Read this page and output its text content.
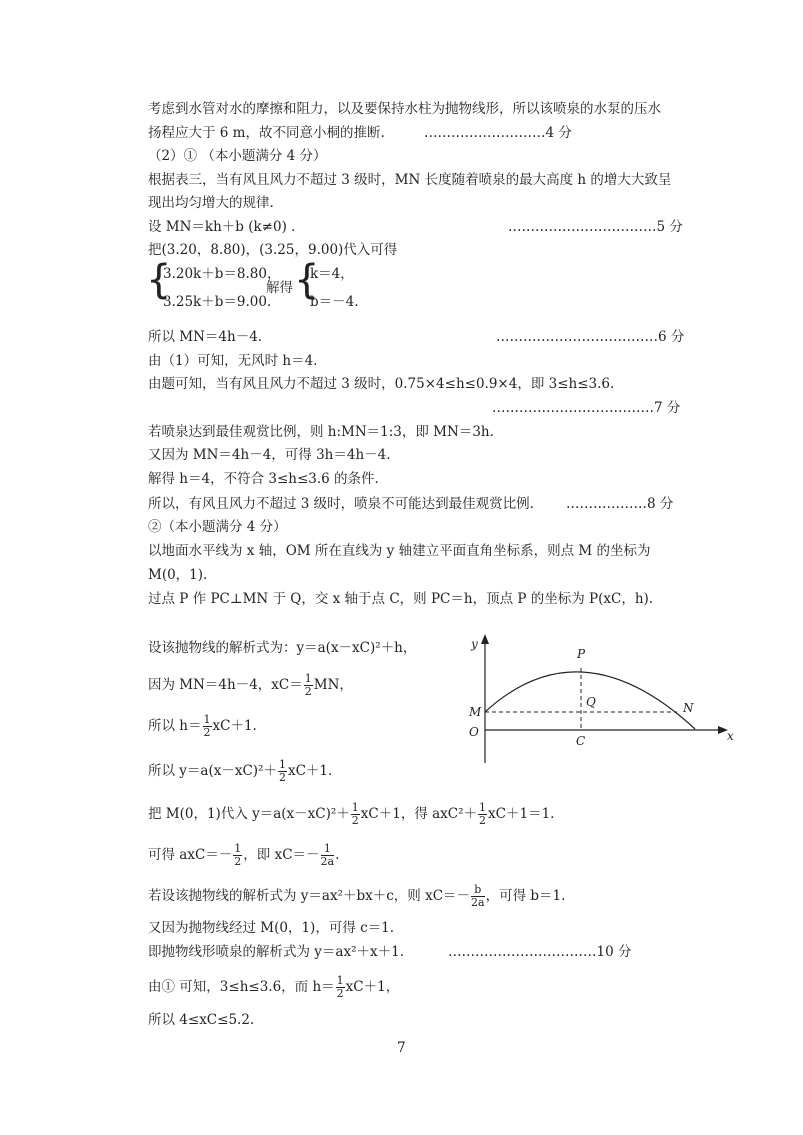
考虑到水管对水的摩擦和阻力，以及要保持水柱为抛物线形，所以该喷泉的水泵的压水
扬程应大于 6 m，故不同意小桐的推断.	………………………4 分
（2）① （本小题满分 4 分）
根据表三，当有风且风力不超过 3 级时，MN 长度随着喷泉的最大高度 h 的增大大致呈
现出均匀增大的规律.
设 MN＝kh＋b (k≠0) .	……………………………5 分
把(3.20，8.80)，(3.25，9.00)代入可得
{
3.20k＋b＝8.80，
3.25k＋b＝9.00.
解得 {
k＝4，
b＝－4.
所以 MN＝4h－4.	………………………………6 分
由（1）可知，无风时 h＝4.
由题可知，当有风且风力不超过 3 级时，0.75×4≤h≤0.9×4，即 3≤h≤3.6.
………………………………7 分
若喷泉达到最佳观赏比例，则 h:MN＝1:3，即 MN＝3h.
又因为 MN＝4h－4，可得 3h＝4h－4.
解得 h＝4，不符合 3≤h≤3.6 的条件.
所以，有风且风力不超过 3 级时，喷泉不可能达到最佳观赏比例. ………………8 分
②（本小题满分 4 分）
以地面水平线为 x 轴，OM 所在直线为 y 轴建立平面直角坐标系，则点 M 的坐标为
M(0，1).
过点 P 作 PC⊥MN 于 Q，交 x 轴于点 C，则 PC＝h，顶点 P 的坐标为 P(xC，h).
设该抛物线的解析式为：y＝a(x－xC)²＋h，
因为 MN＝4h－4，$xC= \frac{1}{2}$ MN，
所以 $h= \frac{1}{2} xC+1$.
所以 $y=a(x-xC)^2+ \frac{1}{2} xC+1$.
把 M(0，1)代入 $y=a(x-xC)^2+ \frac{1}{2} xC+1$，得 $axC^2+ \frac{1}{2} xC+1=1$.
可得 $axC=- \frac{1}{2}$ ，即 $xC=- \frac{1}{2a}$ .
若设该抛物线的解析式为 y＝ax²＋bx＋c，则 $xC=- \frac{b}{2a}$ ，可得 b＝1.
又因为抛物线经过 M(0，1)，可得 c＝1.
即抛物线形喷泉的解析式为 y＝ax²＋x＋1.	……………………………10 分
由① 可知，3≤h≤3.6，而 $h= \frac{1}{2} xC+1$，
所以 4≤xC≤5.2.
7
y
x
P
Q
M	N
O
C
